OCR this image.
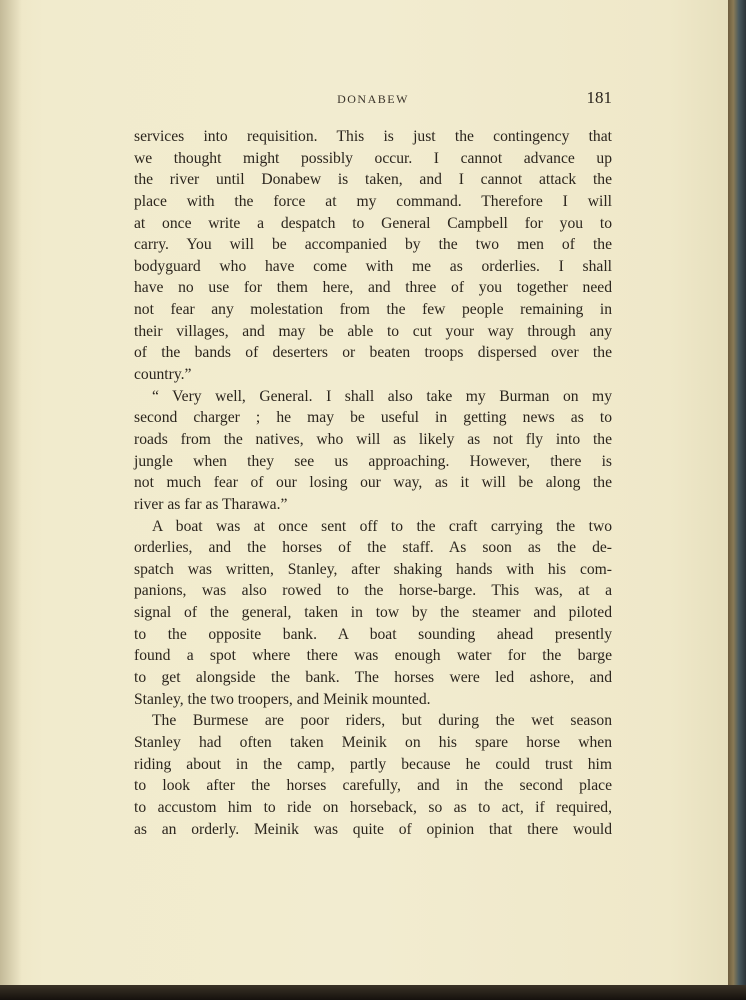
DONABEW	181
services into requisition. This is just the contingency that
we thought might possibly occur. I cannot advance up
the river until Donabew is taken, and I cannot attack the
place with the force at my command. Therefore I will
at once write a despatch to General Campbell for you to
carry. You will be accompanied by the two men of the
bodyguard who have come with me as orderlies. I shall
have no use for them here, and three of you together need
not fear any molestation from the few people remaining in
their villages, and may be able to cut your way through any
of the bands of deserters or beaten troops dispersed over the
country.”
“ Very well, General. I shall also take my Burman on my
second charger ; he may be useful in getting news as to
roads from the natives, who will as likely as not fly into the
jungle when they see us approaching. However, there is
not much fear of our losing our way, as it will be along the
river as far as Tharawa.”
A boat was at once sent off to the craft carrying the two
orderlies, and the horses of the staff. As soon as the de-
spatch was written, Stanley, after shaking hands with his com-
panions, was also rowed to the horse-barge. This was, at a
signal of the general, taken in tow by the steamer and piloted
to the opposite bank. A boat sounding ahead presently
found a spot where there was enough water for the barge
to get alongside the bank. The horses were led ashore, and
Stanley, the two troopers, and Meinik mounted.
The Burmese are poor riders, but during the wet season
Stanley had often taken Meinik on his spare horse when
riding about in the camp, partly because he could trust him
to look after the horses carefully, and in the second place
to accustom him to ride on horseback, so as to act, if required,
as an orderly. Meinik was quite of opinion that there would
